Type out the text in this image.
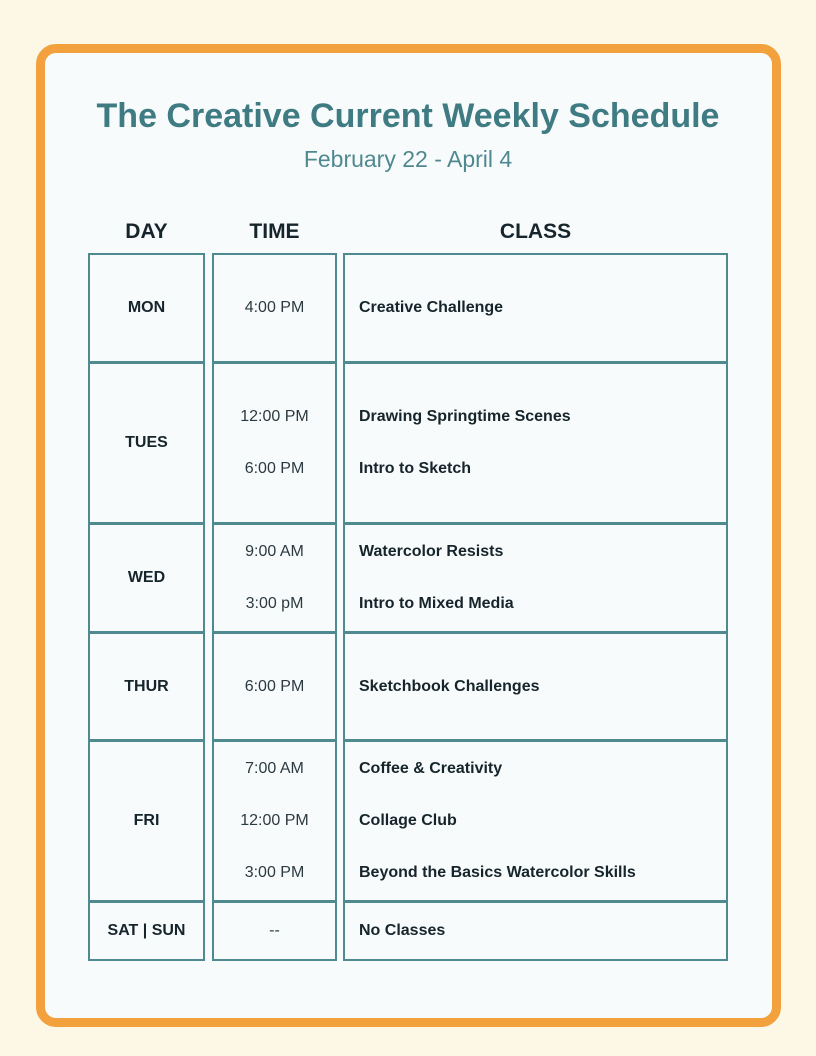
The Creative Current Weekly Schedule
February 22 - April 4
DAY	TIME	CLASS
MON
TUES
WED
THUR
FRI
SAT | SUN
4:00 PM
12:00 PM
6:00 PM
9:00 AM
3:00 pM
6:00 PM
7:00 AM
12:00 PM
3:00 PM
--
Creative Challenge
Drawing Springtime Scenes
Intro to Sketch
Watercolor Resists
Intro to Mixed Media
Sketchbook Challenges
Coffee & Creativity
Collage Club
Beyond the Basics Watercolor Skills
No Classes
